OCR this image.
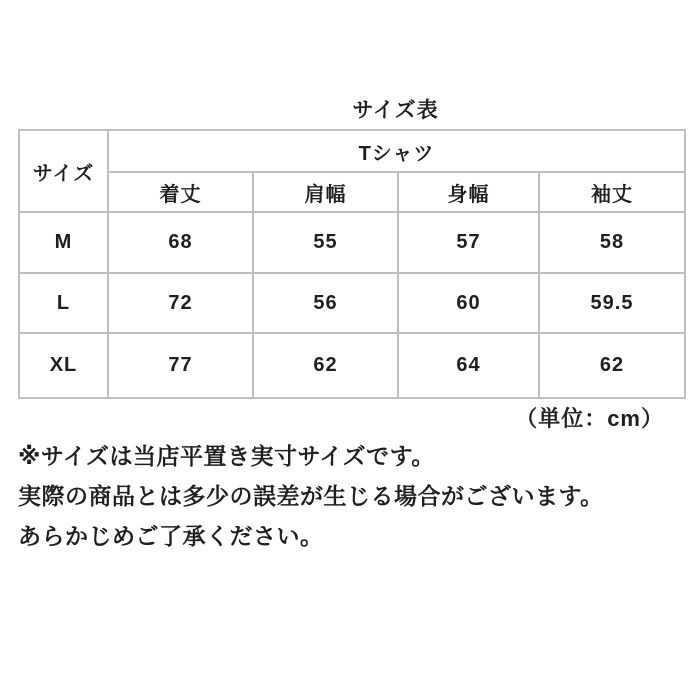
サイズ表
サイズ	Tシャツ			
	着丈	肩幅	身幅	袖丈
M	68	55	57	58
L	72	56	60	59.5
XL	77	62	64	62
（単位：cm）
※サイズは当店平置き実寸サイズです。
実際の商品とは多少の誤差が生じる場合がございます。
あらかじめご了承ください。
